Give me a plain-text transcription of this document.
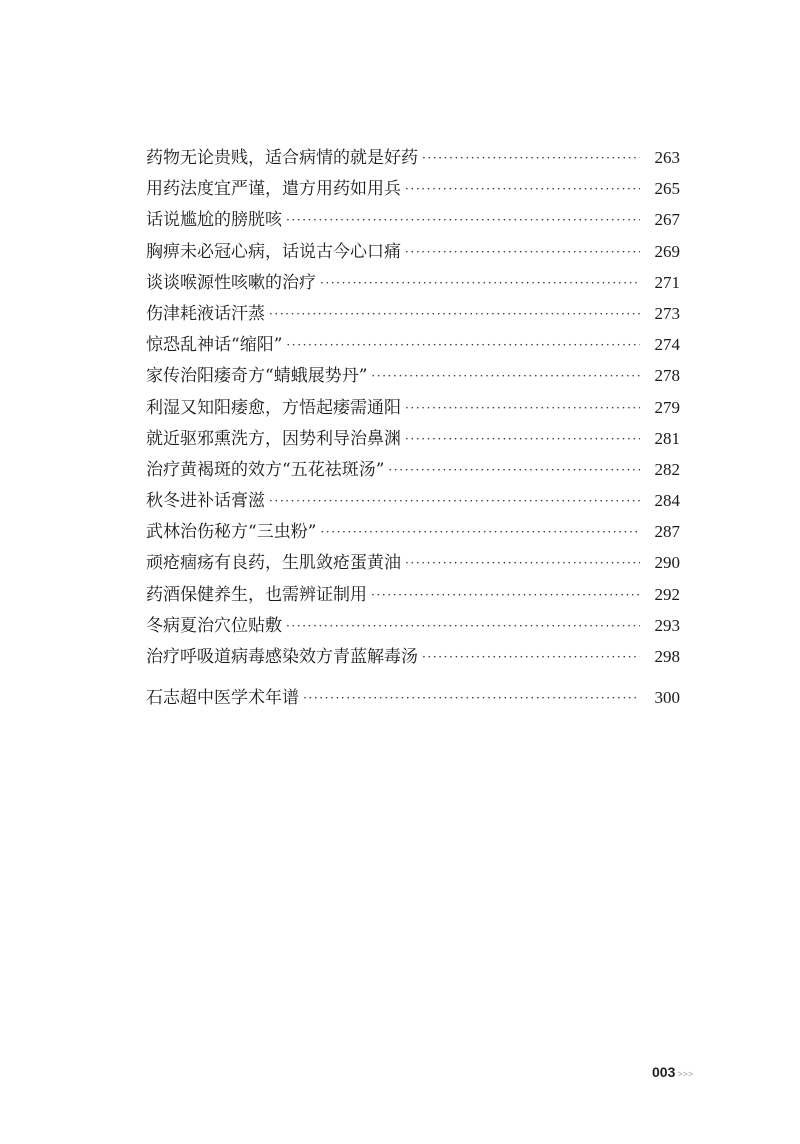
药物无论贵贱，适合病情的就是好药 ·····	263
用药法度宜严谨，遣方用药如用兵 ·····	265
话说尴尬的膀胱咳 ·····	267
胸痹未必冠心病，话说古今心口痛 ·····	269
谈谈喉源性咳嗽的治疗 ·····	271
伤津耗液话汗蒸 ·····	273
惊恐乱神话“缩阳” ·····	274
家传治阳痿奇方“蜻蛾展势丹” ·····	278
利湿又知阳痿愈，方悟起痿需通阳 ·····	279
就近驱邪熏洗方，因势利导治鼻渊 ·····	281
治疗黄褐斑的效方“五花祛斑汤” ·····	282
秋冬进补话膏滋 ·····	284
武林治伤秘方“三虫粉” ·····	287
顽疮痼疡有良药，生肌敛疮蛋黄油 ·····	290
药酒保健养生，也需辨证制用 ·····	292
冬病夏治穴位贴敷 ·····	293
治疗呼吸道病毒感染效方青蓝解毒汤 ·····	298
石志超中医学术年谱 ·····	300
003 >>>
